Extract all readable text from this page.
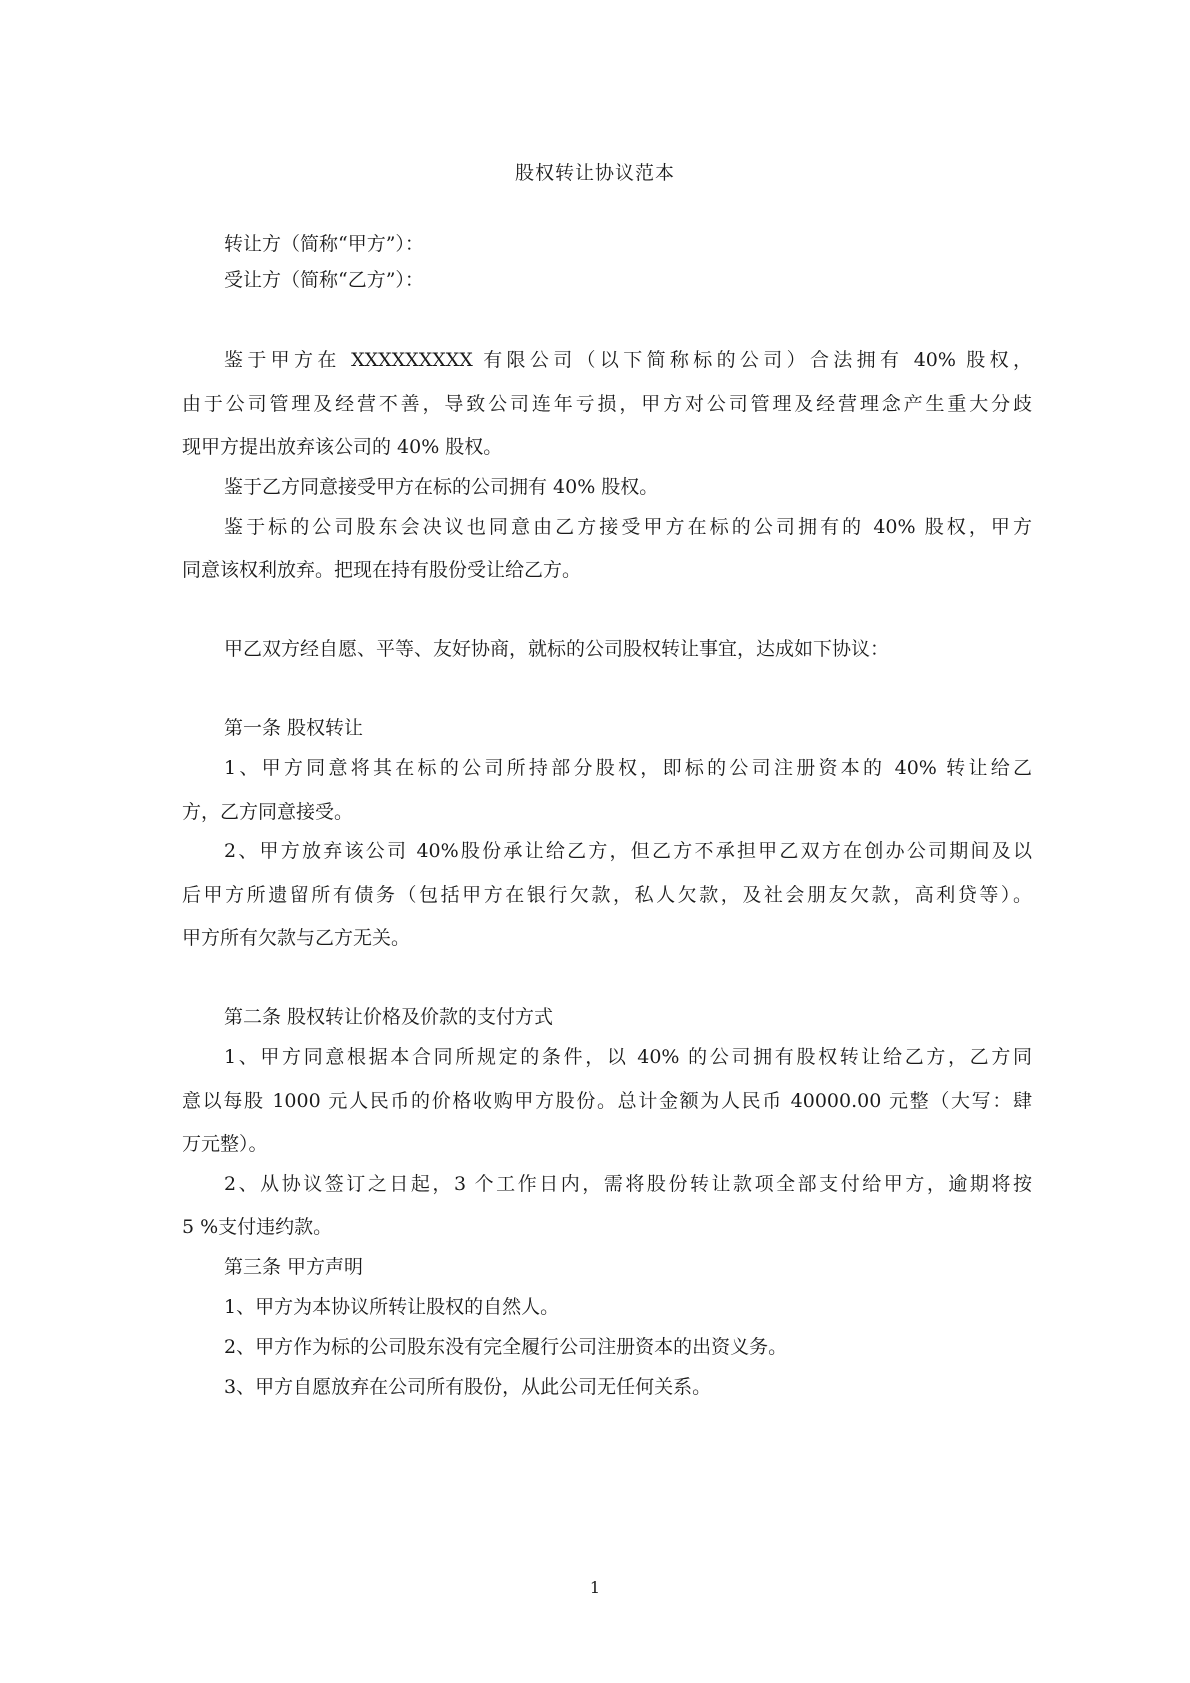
股权转让协议范本
转让方（简称“甲方”）：
受让方（简称“乙方”）：
鉴于甲方在 XXXXXXXXX 有限公司（以下简称标的公司）合法拥有 40% 股权，
由于公司管理及经营不善，导致公司连年亏损，甲方对公司管理及经营理念产生重大分歧
现甲方提出放弃该公司的 40% 股权。
鉴于乙方同意接受甲方在标的公司拥有 40% 股权。
鉴于标的公司股东会决议也同意由乙方接受甲方在标的公司拥有的 40% 股权，甲方
同意该权利放弃。把现在持有股份受让给乙方。
甲乙双方经自愿、平等、友好协商，就标的公司股权转让事宜，达成如下协议：
第一条 股权转让
1、甲方同意将其在标的公司所持部分股权，即标的公司注册资本的 40% 转让给乙
方，乙方同意接受。
2、甲方放弃该公司 40%股份承让给乙方，但乙方不承担甲乙双方在创办公司期间及以
后甲方所遗留所有债务（包括甲方在银行欠款，私人欠款，及社会朋友欠款，高利贷等）。
甲方所有欠款与乙方无关。
第二条 股权转让价格及价款的支付方式
1、甲方同意根据本合同所规定的条件，以 40% 的公司拥有股权转让给乙方，乙方同
意以每股 1000 元人民币的价格收购甲方股份。总计金额为人民币 40000.00 元整（大写：肆
万元整）。
2、从协议签订之日起，3 个工作日内，需将股份转让款项全部支付给甲方，逾期将按
5 %支付违约款。
第三条 甲方声明
1、甲方为本协议所转让股权的自然人。
2、甲方作为标的公司股东没有完全履行公司注册资本的出资义务。
3、甲方自愿放弃在公司所有股份，从此公司无任何关系。
1
